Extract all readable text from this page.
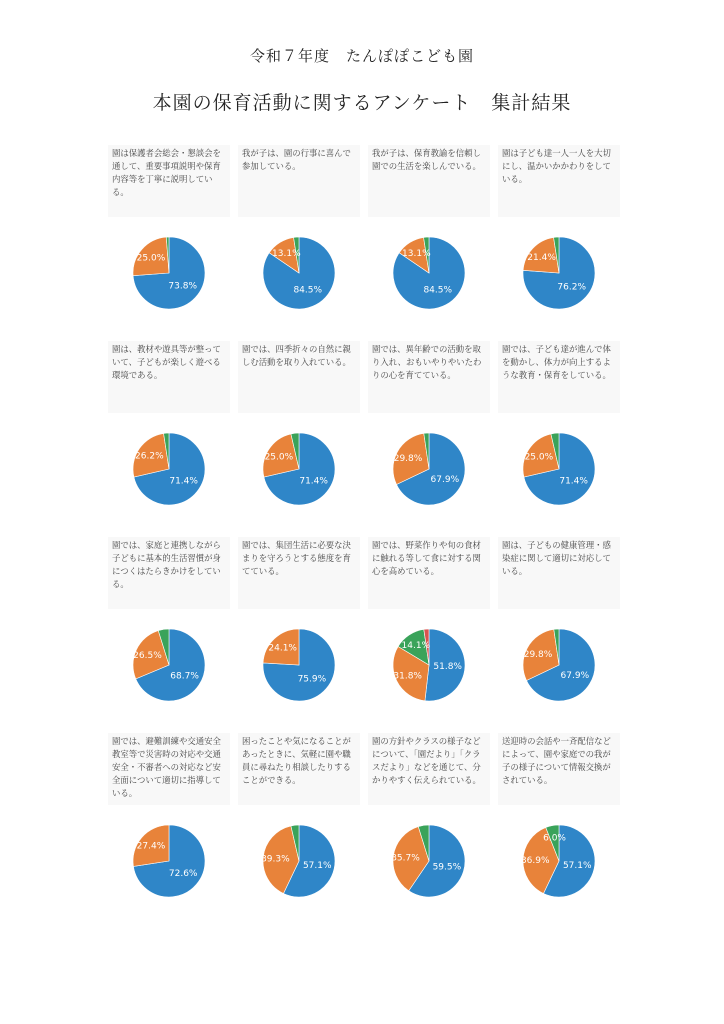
令和７年度　たんぽぽこども園
本園の保育活動に関するアンケート　集計結果
園は保護者会総会・懇談会を通して、重要事項説明や保育内容等を丁寧に説明している。
73.8%
25.0%
我が子は、園の行事に喜んで参加している。
84.5%
13.1%
我が子は、保育教諭を信頼し園での生活を楽しんでいる。
84.5%
13.1%
園は子ども達一人一人を大切にし、温かいかかわりをしている。
76.2%
21.4%
園は、教材や遊具等が整っていて、子どもが楽しく遊べる環境である。
71.4%
26.2%
園では、四季折々の自然に親しむ活動を取り入れている。
71.4%
25.0%
園では、異年齢での活動を取り入れ、おもいやりやいたわりの心を育てている。
67.9%
29.8%
園では、子ども達が進んで体を動かし、体力が向上するような教育・保育をしている。
71.4%
25.0%
園では、家庭と連携しながら子どもに基本的生活習慣が身につくはたらきかけをしている。
68.7%
26.5%
園では、集団生活に必要な決まりを守ろうとする態度を育てている。
75.9%
24.1%
園では、野菜作りや旬の食材に触れる等して食に対する関心を高めている。
51.8%
31.8%
14.1%
園は、子どもの健康管理・感染症に関して適切に対応している。
67.9%
29.8%
園では、避難訓練や交通安全教室等で災害時の対応や交通安全・不審者への対応など安全面について適切に指導している。
72.6%
27.4%
困ったことや気になることがあったときに、気軽に園や職員に尋ねたり相談したりすることができる。
57.1%
39.3%
園の方針やクラスの様子などについて、「園だより」「クラスだより」などを通じて、分かりやすく伝えられている。
59.5%
35.7%
送迎時の会話や一斉配信などによって、園や家庭での我が子の様子について情報交換がされている。
57.1%
36.9%
6.0%
